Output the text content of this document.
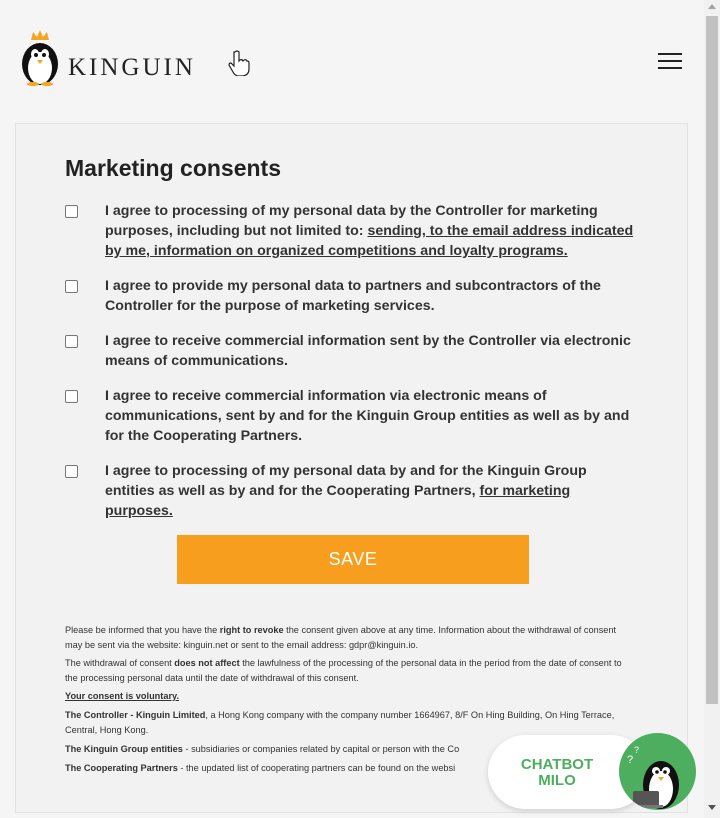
KINGUIN
Marketing consents
I agree to processing of my personal data by the Controller for marketing purposes, including but not limited to: sending, to the email address indicated by me, information on organized competitions and loyalty programs.
I agree to provide my personal data to partners and subcontractors of the Controller for the purpose of marketing services.
I agree to receive commercial information sent by the Controller via electronic means of communications.
I agree to receive commercial information via electronic means of communications, sent by and for the Kinguin Group entities as well as by and for the Cooperating Partners.
I agree to processing of my personal data by and for the Kinguin Group entities as well as by and for the Cooperating Partners, for marketing purposes.
SAVE

Please be informed that you have the right to revoke the consent given above at any time. Information about the withdrawal of consent may be sent via the website: kinguin.net or sent to the email address: gdpr@kinguin.io.

The withdrawal of consent does not affect the lawfulness of the processing of the personal data in the period from the date of consent to the processing personal data until the date of withdrawal of this consent.

Your consent is voluntary.

The Controller - Kinguin Limited, a Hong Kong company with the company number 1664967, 8/F On Hing Building, On Hing Terrace, Central, Hong Kong.

The Kinguin Group entities - subsidiaries or companies related by capital or person with the Co

The Cooperating Partners - the updated list of cooperating partners can be found on the websi	CHATBOT
MILO
?
?
